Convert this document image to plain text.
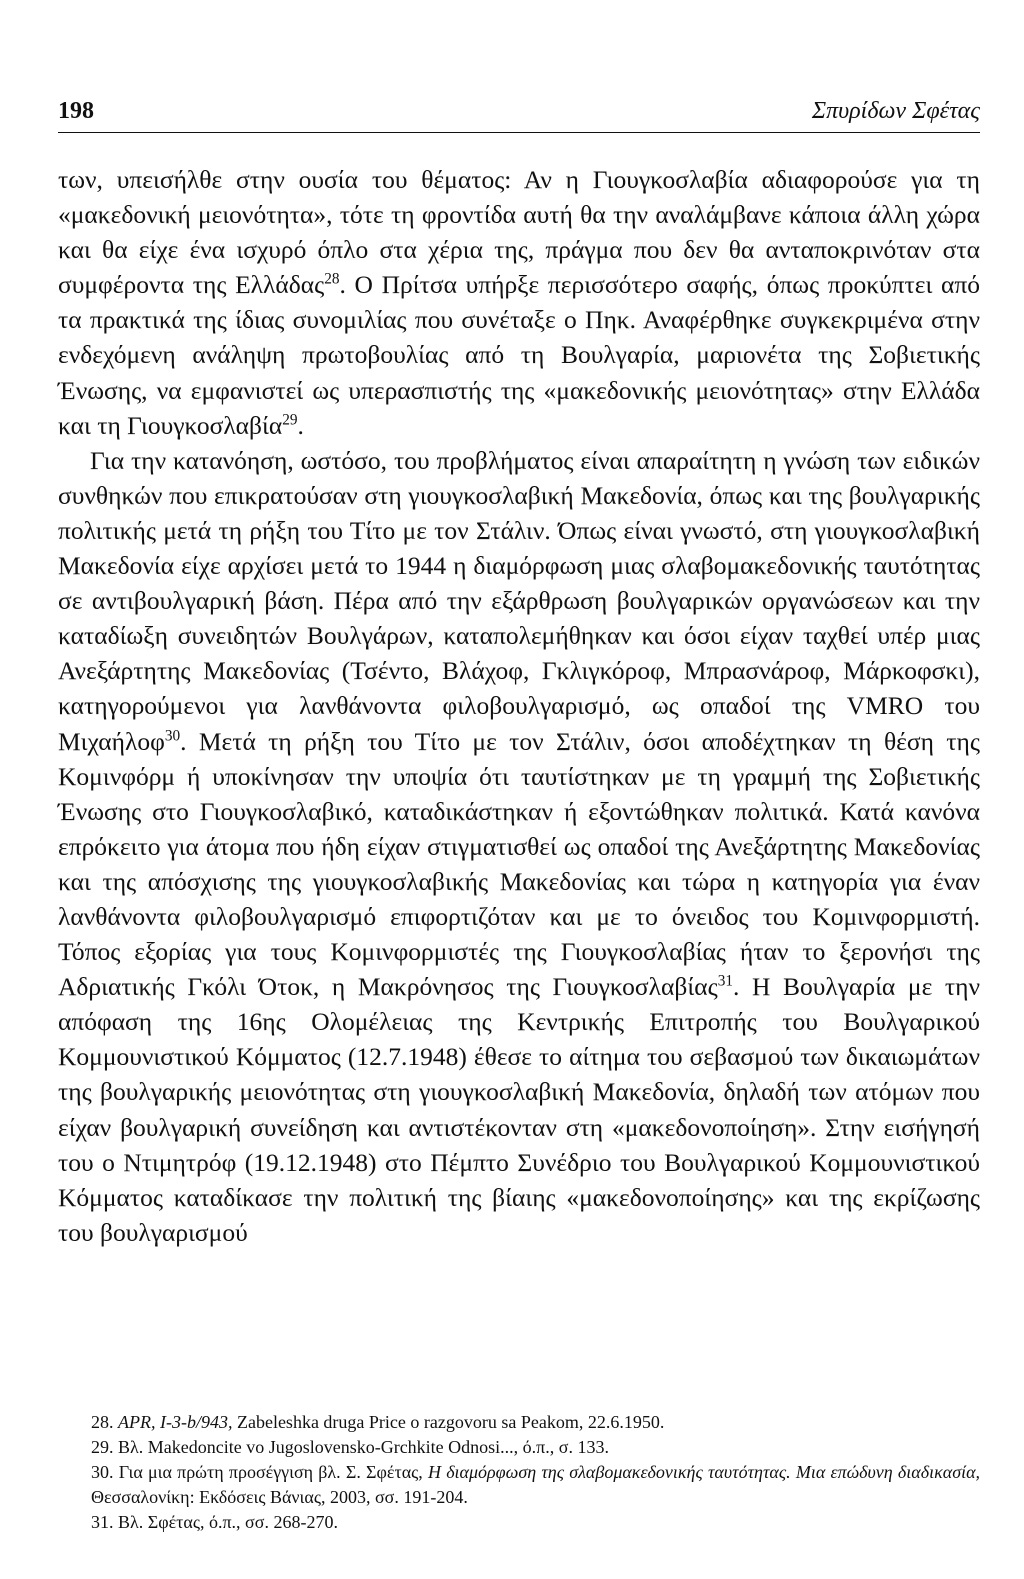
198	Σπυρίδων Σφέτας

των, υπεισήλθε στην ουσία του θέματος: Αν η Γιουγκοσλαβία αδιαφορούσε για τη «μακεδονική μειονότητα», τότε τη φροντίδα αυτή θα την αναλάμβανε κάποια άλλη χώρα και θα είχε ένα ισχυρό όπλο στα χέρια της, πράγμα που δεν θα ανταποκρινόταν στα συμφέροντα της Ελλάδας$^{28}$. Ο Πρίτσα υπήρξε περισσότερο σαφής, όπως προκύπτει από τα πρακτικά της ίδιας συνομιλίας που συνέταξε ο Πηκ. Αναφέρθηκε συγκεκριμένα στην ενδεχόμενη ανάληψη πρωτοβουλίας από τη Βουλγαρία, μαριονέτα της Σοβιετικής Ένωσης, να εμφανιστεί ως υπερασπιστής της «μακεδονικής μειονότητας» στην Ελλάδα και τη Γιουγκοσλαβία$^{29}$.

Για την κατανόηση, ωστόσο, του προβλήματος είναι απαραίτητη η γνώση των ειδικών συνθηκών που επικρατούσαν στη γιουγκοσλαβική Μακεδονία, όπως και της βουλγαρικής πολιτικής μετά τη ρήξη του Τίτο με τον Στάλιν. Όπως είναι γνωστό, στη γιουγκοσλαβική Μακεδονία είχε αρχίσει μετά το 1944 η διαμόρφωση μιας σλαβομακεδονικής ταυτότητας σε αντιβουλγαρική βάση. Πέρα από την εξάρθρωση βουλγαρικών οργανώσεων και την καταδίωξη συνειδητών Βουλγάρων, καταπολεμήθηκαν και όσοι είχαν ταχθεί υπέρ μιας Ανεξάρτητης Μακεδονίας (Τσέντο, Βλάχοφ, Γκλιγκόροφ, Μπρασνάροφ, Μάρκοφσκι), κατηγορούμενοι για λανθάνοντα φιλοβουλγαρισμό, ως οπαδοί της VMRO του Μιχαήλοφ$^{30}$. Μετά τη ρήξη του Τίτο με τον Στάλιν, όσοι αποδέχτηκαν τη θέση της Κομινφόρμ ή υποκίνησαν την υποψία ότι ταυτίστηκαν με τη γραμμή της Σοβιετικής Ένωσης στο Γιουγκοσλαβικό, καταδικάστηκαν ή εξοντώθηκαν πολιτικά. Κατά κανόνα επρόκειτο για άτομα που ήδη είχαν στιγματισθεί ως οπαδοί της Ανεξάρτητης Μακεδονίας και της απόσχισης της γιουγκοσλαβικής Μακεδονίας και τώρα η κατηγορία για έναν λανθάνοντα φιλοβουλγαρισμό επιφορτιζόταν και με το όνειδος του Κομινφορμιστή. Τόπος εξορίας για τους Κομινφορμιστές της Γιουγκοσλαβίας ήταν το ξερονήσι της Αδριατικής Γκόλι Ότοκ, η Μακρόνησος της Γιουγκοσλαβίας$^{31}$. Η Βουλγαρία με την απόφαση της 16ης Ολομέλειας της Κεντρικής Επιτροπής του Βουλγαρικού Κομμουνιστικού Κόμματος (12.7.1948) έθεσε το αίτημα του σεβασμού των δικαιωμάτων της βουλγαρικής μειονότητας στη γιουγκοσλαβική Μακεδονία, δηλαδή των ατόμων που είχαν βουλγαρική συνείδηση και αντιστέκονταν στη «μακεδονοποίηση». Στην εισήγησή του ο Ντιμητρόφ (19.12.1948) στο Πέμπτο Συνέδριο του Βουλγαρικού Κομμουνιστικού Κόμματος καταδίκασε την πολιτική της βίαιης «μακεδονοποίησης» και της εκρίζωσης του βουλγαρισμού

28. APR, I-3-b/943, Zabeleshka druga Price o razgovoru sa Peakom, 22.6.1950.
29. Βλ. Makedoncite vo Jugoslovensko-Grchkite Odnosi..., ό.π., σ. 133.
30. Για μια πρώτη προσέγγιση βλ. Σ. Σφέτας, Η διαμόρφωση της σλαβομακεδονικής ταυτότητας. Μια επώδυνη διαδικασία, Θεσσαλονίκη: Εκδόσεις Βάνιας, 2003, σσ. 191-204.
31. Βλ. Σφέτας, ό.π., σσ. 268-270.
